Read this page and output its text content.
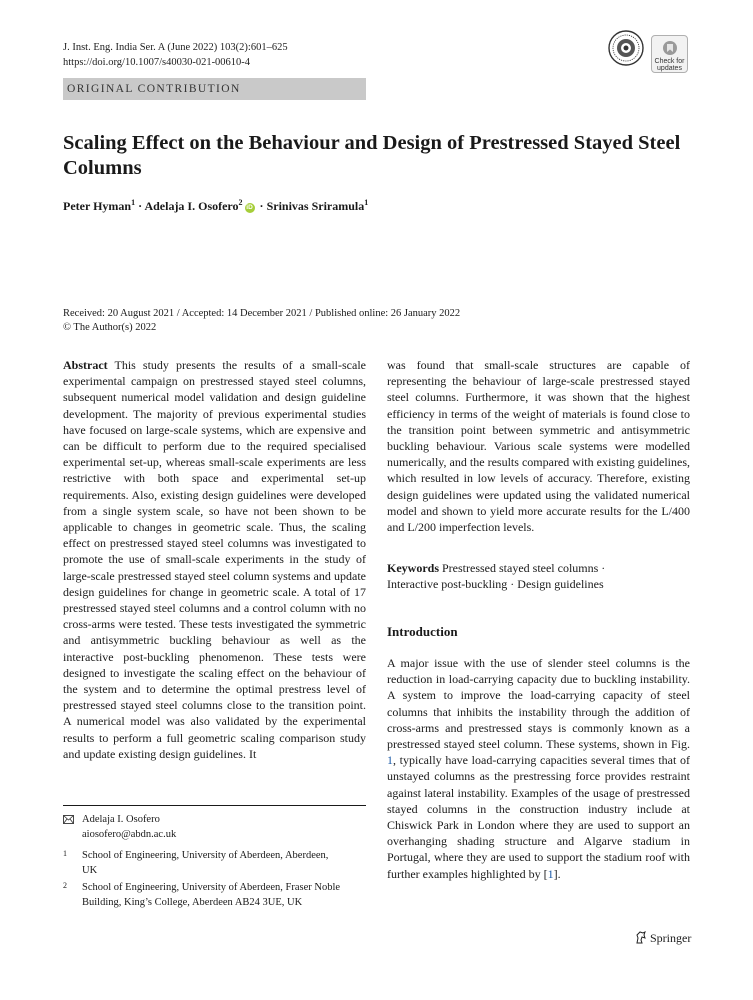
J. Inst. Eng. India Ser. A (June 2022) 103(2):601–625
https://doi.org/10.1007/s40030-021-00610-4	Check for
updates
ORIGINAL CONTRIBUTION
Scaling Effect on the Behaviour and Design of Prestressed Stayed Steel Columns
Peter Hyman$^1$ · Adelaja I. Osofero$^2$iD · Srinivas Sriramula$^1$
Received: 20 August 2021 / Accepted: 14 December 2021 / Published online: 26 January 2022
© The Author(s) 2022

Abstract This study presents the results of a small-scale experimental campaign on prestressed stayed steel columns, subsequent numerical model validation and design guideline development. The majority of previous experimental studies have focused on large-scale systems, which are expensive and can be difficult to perform due to the required specialised experimental set-up, whereas small-scale experiments are less restrictive with both space and experimental set-up requirements. Also, existing design guidelines were developed from a single system scale, so have not been shown to be applicable to changes in geometric scale. Thus, the scaling effect on prestressed stayed steel columns was investigated to promote the use of small-scale experiments in the study of large-scale prestressed stayed steel column systems and update design guidelines for change in geometric scale. A total of 17 prestressed stayed steel columns and a control column with no cross-arms were tested. These tests investigated the symmetric and antisymmetric buckling behaviour as well as the interactive post-buckling phenomenon. These tests were designed to investigate the scaling effect on the behaviour of the system and to determine the optimal prestress level of prestressed stayed steel columns close to the transition point. A numerical model was also validated by the experimental results to perform a full geometric scaling comparison study and update existing design guidelines. It

was found that small-scale structures are capable of representing the behaviour of large-scale prestressed stayed steel columns. Furthermore, it was shown that the highest efficiency in terms of the weight of materials is found close to the transition point between symmetric and antisymmetric buckling behaviour. Various scale systems were modelled numerically, and the results compared with existing guidelines, which resulted in low levels of accuracy. Therefore, existing design guidelines were updated using the validated numerical model and shown to yield more accurate results for the L/400 and L/200 imperfection levels.

Keywords Prestressed stayed steel columns ·
Interactive post-buckling · Design guidelines
Introduction

A major issue with the use of slender steel columns is the reduction in load-carrying capacity due to buckling instability. A system to improve the load-carrying capacity of steel columns that inhibits the instability through the addition of cross-arms and prestressed stays is commonly known as a prestressed stayed steel column. These systems, shown in Fig. 1, typically have load-carrying capacities several times that of unstayed columns as the prestressing force provides restraint against lateral instability. Examples of the usage of prestressed stayed columns in the construction industry include at Chiswick Park in London where they are used to support an overhanging shading structure and Algarve stadium in Portugal, where they are used to support the stadium roof with further examples highlighted by [1].

Adelaja I. Osofero
aiosofero@abdn.ac.uk
1 School of Engineering, University of Aberdeen, Aberdeen,
UK
2 School of Engineering, University of Aberdeen, Fraser Noble
Building, King’s College, Aberdeen AB24 3UE, UK
Springer
